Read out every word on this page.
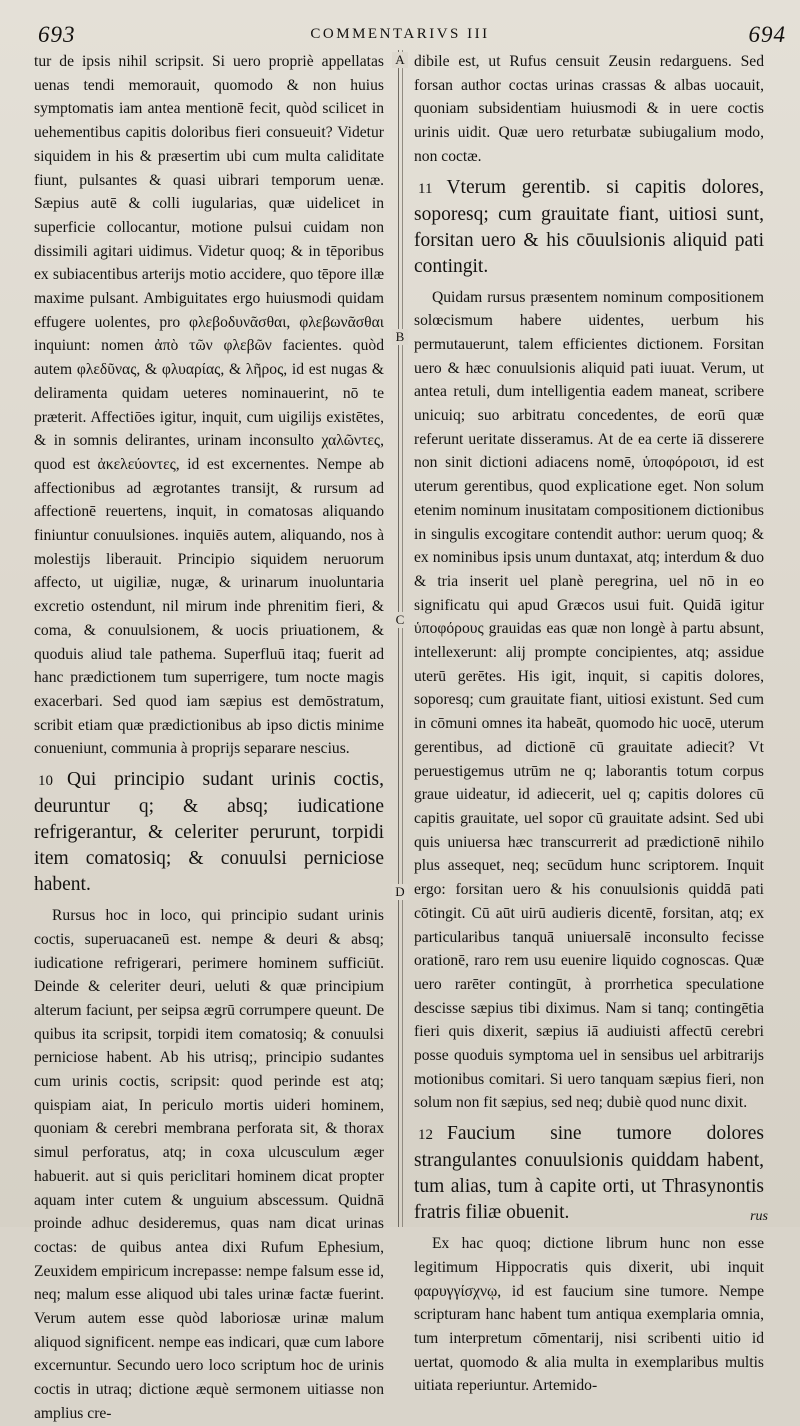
693	COMMENTARIVS III	694
A
B
C
D

tur de ipsis nihil scripsit. Si uero propriè appellatas uenas tendi memorauit, quomodo & non huius symptomatis iam antea mentionē fecit, quòd scilicet in uehementibus capitis doloribus fieri consueuit? Videtur siquidem in his & præsertim ubi cum multa caliditate fiunt, pulsantes & quasi uibrari temporum uenæ. Sæpius autē & colli iugularias, quæ uidelicet in superficie collocantur, motione pulsui cuidam non dissimili agitari uidimus. Videtur quoq; & in tēporibus ex subiacentibus arterijs motio accidere, quo tēpore illæ maxime pulsant. Ambiguitates ergo huiusmodi quidam effugere uolentes, pro φλεβοδυνᾶσθαι, φλεβωνᾶσθαι inquiunt: nomen ἀπὸ τῶν φλεβῶν facientes. quòd autem φλεδῦνας, & φλυαρίας, & λῆρος, id est nugas & deliramenta quidam ueteres nominauerint, nō te præterit. Affectiōes igitur, inquit, cum uigilijs existētes, & in somnis delirantes, urinam inconsulto χαλῶντες, quod est ἀκελεύοντες, id est excernentes. Nempe ab affectionibus ad ægrotantes transijt, & rursum ad affectionē reuertens, inquit, in comatosas aliquando finiuntur conuulsiones. inquiēs autem, aliquando, nos à molestijs liberauit. Principio siquidem neruorum affecto, ut uigiliæ, nugæ, & urinarum inuoluntaria excretio ostendunt, nil mirum inde phrenitim fieri, & coma, & conuulsionem, & uocis priuationem, & quoduis aliud tale pathema. Superfluū itaq; fuerit ad hanc prædictionem tum superrigere, tum nocte magis exacerbari. Sed quod iam sæpius est demōstratum, scribit etiam quæ prædictionibus ab ipso dictis minime conueniunt, communia à proprijs separare nescius.

10 Qui principio sudant urinis coctis, deuruntur q; & absq; iudicatione refrigerantur, & celeriter perurunt, torpidi item comatosiq; & conuulsi perniciose habent.

Rursus hoc in loco, qui principio sudant urinis coctis, superuacaneū est. nempe & deuri & absq; iudicatione refrigerari, perimere hominem sufficiūt. Deinde & celeriter deuri, ueluti & quæ principium alterum faciunt, per seipsa ægrū corrumpere queunt. De quibus ita scripsit, torpidi item comatosiq; & conuulsi perniciose habent. Ab his utrisq;, principio sudantes cum urinis coctis, scripsit: quod perinde est atq; quispiam aiat, In periculo mortis uideri hominem, quoniam & cerebri membrana perforata sit, & thorax simul perforatus, atq; in coxa ulcusculum æger habuerit. aut si quis periclitari hominem dicat propter aquam inter cutem & unguium abscessum. Quidnā proinde adhuc desideremus, quas nam dicat urinas coctas: de quibus antea dixi Rufum Ephesium, Zeuxidem empiricum increpasse: nempe falsum esse id, neq; malum esse aliquod ubi tales urinæ factæ fuerint. Verum autem esse quòd laboriosæ urinæ malum aliquod significent. nempe eas indicari, quæ cum labore excernuntur. Secundo uero loco scriptum hoc de urinis coctis in utraq; dictione æquè sermonem uitiasse non amplius cre-

dibile est, ut Rufus censuit Zeusin redarguens. Sed forsan author coctas urinas crassas & albas uocauit, quoniam subsidentiam huiusmodi & in uere coctis urinis uidit. Quæ uero returbatæ subiugalium modo, non coctæ.

11 Vterum gerentib. si capitis dolores, soporesq; cum grauitate fiant, uitiosi sunt, forsitan uero & his cōuulsionis aliquid pati contingit.

Quidam rursus præsentem nominum compositionem solœcismum habere uidentes, uerbum his permutauerunt, talem efficientes dictionem. Forsitan uero & hæc conuulsionis aliquid pati iuuat. Verum, ut antea retuli, dum intelligentia eadem maneat, scribere unicuiq; suo arbitratu concedentes, de eorū quæ referunt ueritate disseramus. At de ea certe iā disserere non sinit dictioni adiacens nomē, ὑποφόροισι, id est uterum gerentibus, quod explicatione eget. Non solum etenim nominum inusitatam compositionem dictionibus in singulis excogitare contendit author: uerum quoq; & ex nominibus ipsis unum duntaxat, atq; interdum & duo & tria inserit uel planè peregrina, uel nō in eo significatu qui apud Græcos usui fuit. Quidā igitur ὑποφόρους grauidas eas quæ non longè à partu absunt, intellexerunt: alij prompte concipientes, atq; assidue uterū gerētes. His igit, inquit, si capitis dolores, soporesq; cum grauitate fiant, uitiosi existunt. Sed cum in cōmuni omnes ita habeāt, quomodo hic uocē, uterum gerentibus, ad dictionē cū grauitate adiecit? Vt peruestigemus utrūm ne q; laborantis totum corpus graue uideatur, id adiecerit, uel q; capitis dolores cū capitis grauitate, uel sopor cū grauitate adsint. Sed ubi quis uniuersa hæc transcurrerit ad prædictionē nihilo plus assequet, neq; secūdum hunc scriptorem. Inquit ergo: forsitan uero & his conuulsionis quiddā pati cōtingit. Cū aūt uirū audieris dicentē, forsitan, atq; ex particularibus tanquā uniuersalē inconsulto fecisse orationē, raro rem usu euenire liquido cognoscas. Quæ uero rarēter contingūt, à prorrhetica speculatione descisse sæpius tibi diximus. Nam si tanq; contingētia fieri quis dixerit, sæpius iā audiuisti affectū cerebri posse quoduis symptoma uel in sensibus uel arbitrarijs motionibus comitari. Si uero tanquam sæpius fieri, non solum non fit sæpius, sed neq; dubiè quod nunc dixit.

12 Faucium sine tumore dolores strangulantes conuulsionis quiddam habent, tum alias, tum à capite orti, ut Thrasynontis fratris filiæ obuenit.

Ex hac quoq; dictione librum hunc non esse legitimum Hippocratis quis dixerit, ubi inquit φαρυγγίσχνῳ, id est faucium sine tumore. Nempe scripturam hanc habent tum antiqua exemplaria omnia, tum interpretum cōmentarij, nisi scribenti uitio id uertat, quomodo & alia multa in exemplaribus multis uitiata reperiuntur. Artemido-

rus
